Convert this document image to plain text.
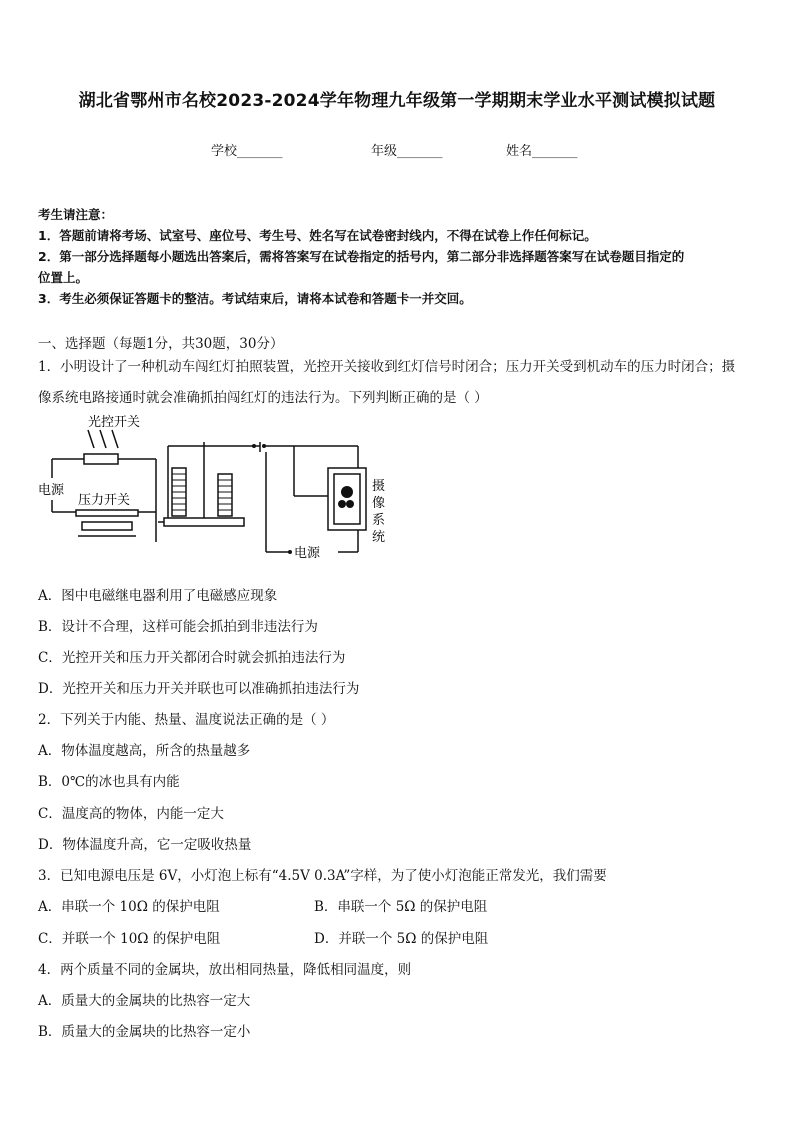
湖北省鄂州市名校2023-2024学年物理九年级第一学期期末学业水平测试模拟试题
学校_______	年级_______	姓名_______
考生请注意：
1．答题前请将考场、试室号、座位号、考生号、姓名写在试卷密封线内，不得在试卷上作任何标记。
2．第一部分选择题每小题选出答案后，需将答案写在试卷指定的括号内，第二部分非选择题答案写在试卷题目指定的
位置上。
3．考生必须保证答题卡的整洁。考试结束后，请将本试卷和答题卡一并交回。
一、选择题（每题1分，共30题，30分）
1．小明设计了一种机动车闯红灯拍照装置，光控开关接收到红灯信号时闭合；压力开关受到机动车的压力时闭合；摄
像系统电路接通时就会准确抓拍闯红灯的违法行为。下列判断正确的是（ ）
光控开关
电源
压力开关
电源
摄
像
系
统
A．图中电磁继电器利用了电磁感应现象
B．设计不合理，这样可能会抓拍到非违法行为
C．光控开关和压力开关都闭合时就会抓拍违法行为
D．光控开关和压力开关并联也可以准确抓拍违法行为
2．下列关于内能、热量、温度说法正确的是（ ）
A．物体温度越高，所含的热量越多
B．0℃的冰也具有内能
C．温度高的物体，内能一定大
D．物体温度升高，它一定吸收热量
3．已知电源电压是 6V，小灯泡上标有“4.5V 0.3A”字样，为了使小灯泡能正常发光，我们需要
A．串联一个 10Ω 的保护电阻	B．串联一个 5Ω 的保护电阻
C．并联一个 10Ω 的保护电阻	D．并联一个 5Ω 的保护电阻
4．两个质量不同的金属块，放出相同热量，降低相同温度，则
A．质量大的金属块的比热容一定大
B．质量大的金属块的比热容一定小
